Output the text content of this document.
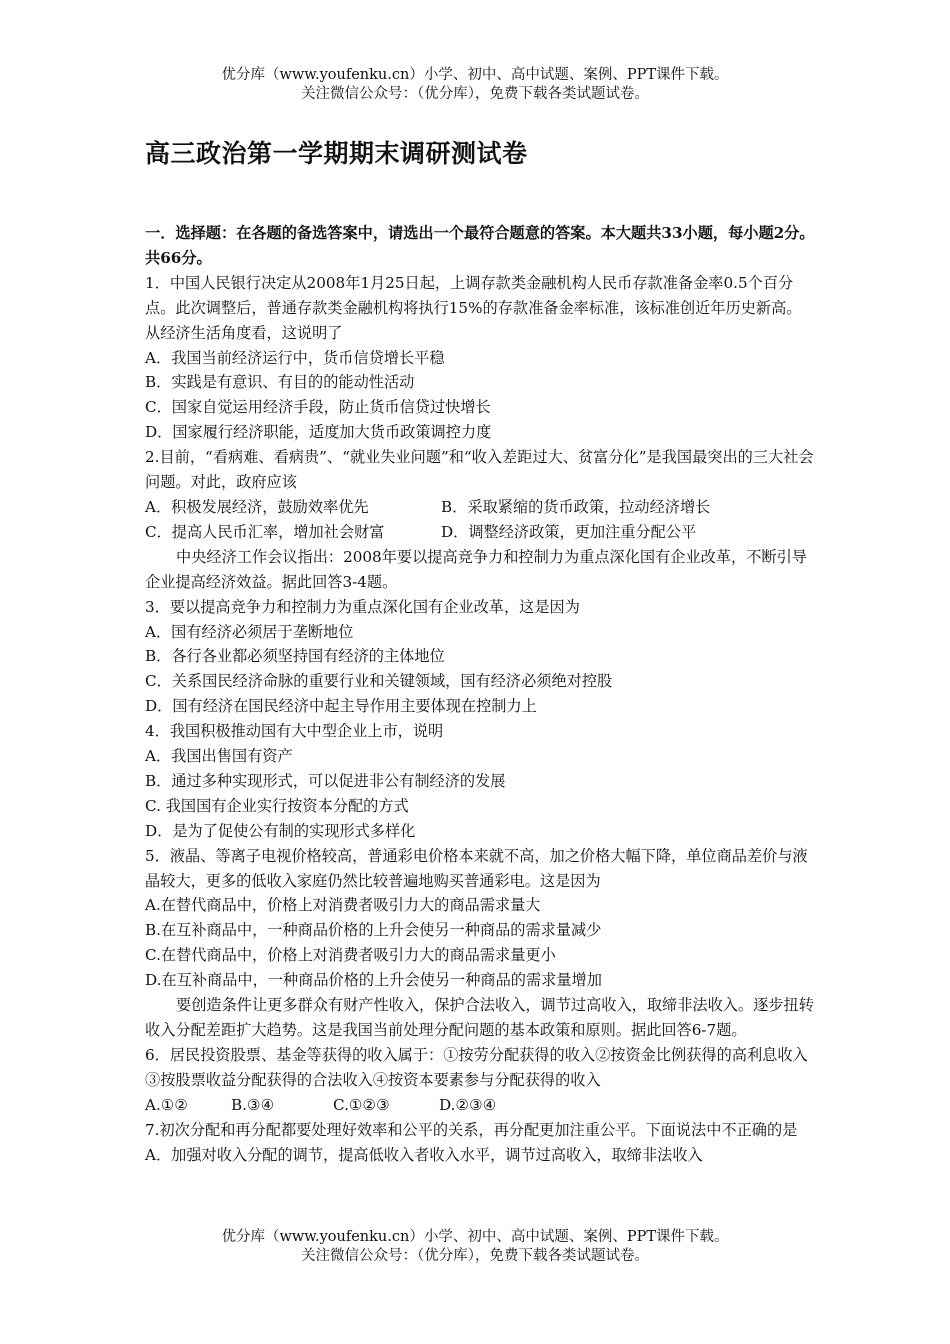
优分库（www.youfenku.cn）小学、初中、高中试题、案例、PPT课件下载。
关注微信公众号：（优分库），免费下载各类试题试卷。
高三政治第一学期期末调研测试卷

一．选择题：在各题的备选答案中，请选出一个最符合题意的答案。本大题共33小题，每小题2分。共66分。

1．中国人民银行决定从2008年1月25日起，上调存款类金融机构人民币存款准备金率0.5个百分点。此次调整后，普通存款类金融机构将执行15%的存款准备金率标准，该标准创近年历史新高。从经济生活角度看，这说明了

A．我国当前经济运行中，货币信贷增长平稳

B．实践是有意识、有目的的能动性活动

C．国家自觉运用经济手段，防止货币信贷过快增长

D．国家履行经济职能，适度加大货币政策调控力度

2.目前，“看病难、看病贵”、“就业失业问题”和“收入差距过大、贫富分化”是我国最突出的三大社会问题。对此，政府应该

A．积极发展经济，鼓励效率优先	B．采取紧缩的货币政策，拉动经济增长

C．提高人民币汇率，增加社会财富	D．调整经济政策，更加注重分配公平

中央经济工作会议指出：2008年要以提高竞争力和控制力为重点深化国有企业改革，不断引导企业提高经济效益。据此回答3-4题。

3．要以提高竞争力和控制力为重点深化国有企业改革，这是因为

A．国有经济必须居于垄断地位

B．各行各业都必须坚持国有经济的主体地位

C．关系国民经济命脉的重要行业和关键领域，国有经济必须绝对控股

D．国有经济在国民经济中起主导作用主要体现在控制力上

4．我国积极推动国有大中型企业上市，说明

A．我国出售国有资产

B．通过多种实现形式，可以促进非公有制经济的发展

C. 我国国有企业实行按资本分配的方式

D．是为了促使公有制的实现形式多样化

5．液晶、等离子电视价格较高，普通彩电价格本来就不高，加之价格大幅下降，单位商品差价与液晶较大，更多的低收入家庭仍然比较普遍地购买普通彩电。这是因为

A.在替代商品中，价格上对消费者吸引力大的商品需求量大

B.在互补商品中，一种商品价格的上升会使另一种商品的需求量减少

C.在替代商品中，价格上对消费者吸引力大的商品需求量更小

D.在互补商品中，一种商品价格的上升会使另一种商品的需求量增加

要创造条件让更多群众有财产性收入，保护合法收入，调节过高收入，取缔非法收入。逐步扭转收入分配差距扩大趋势。这是我国当前处理分配问题的基本政策和原则。据此回答6-7题。

6．居民投资股票、基金等获得的收入属于：①按劳分配获得的收入②按资金比例获得的高利息收入③按股票收益分配获得的合法收入④按资本要素参与分配获得的收入

A.①②	B.③④	C.①②③	D.②③④

7.初次分配和再分配都要处理好效率和公平的关系，再分配更加注重公平。下面说法中不正确的是

A．加强对收入分配的调节，提高低收入者收入水平，调节过高收入，取缔非法收入

优分库（www.youfenku.cn）小学、初中、高中试题、案例、PPT课件下载。
关注微信公众号：（优分库），免费下载各类试题试卷。
